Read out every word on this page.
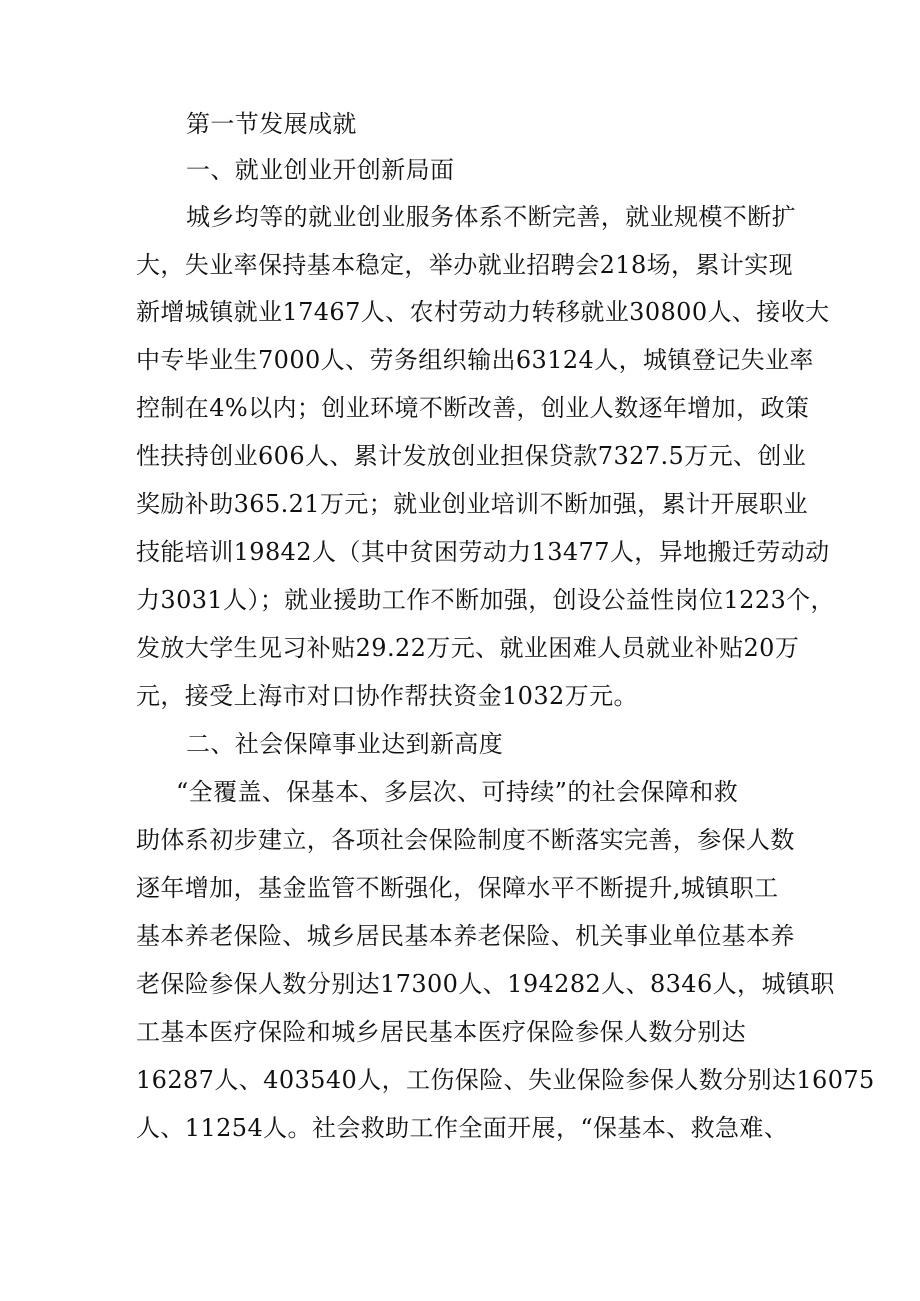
第一节发展成就
一、就业创业开创新局面
城乡均等的就业创业服务体系不断完善，就业规模不断扩
大，失业率保持基本稳定，举办就业招聘会218场，累计实现
新增城镇就业17467人、农村劳动力转移就业30800人、接收大
中专毕业生7000人、劳务组织输出63124人，城镇登记失业率
控制在4%以内；创业环境不断改善，创业人数逐年增加，政策
性扶持创业606人、累计发放创业担保贷款7327.5万元、创业
奖励补助365.21万元；就业创业培训不断加强，累计开展职业
技能培训19842人（其中贫困劳动力13477人，异地搬迁劳动动
力3031人）；就业援助工作不断加强，创设公益性岗位1223个，
发放大学生见习补贴29.22万元、就业困难人员就业补贴20万
元，接受上海市对口协作帮扶资金1032万元。
二、社会保障事业达到新高度
“全覆盖、保基本、多层次、可持续”的社会保障和救
助体系初步建立，各项社会保险制度不断落实完善，参保人数
逐年增加，基金监管不断强化，保障水平不断提升,城镇职工
基本养老保险、城乡居民基本养老保险、机关事业单位基本养
老保险参保人数分别达17300人、194282人、8346人，城镇职
工基本医疗保险和城乡居民基本医疗保险参保人数分别达
16287人、403540人，工伤保险、失业保险参保人数分别达16075
人、11254人。社会救助工作全面开展，“保基本、救急难、
